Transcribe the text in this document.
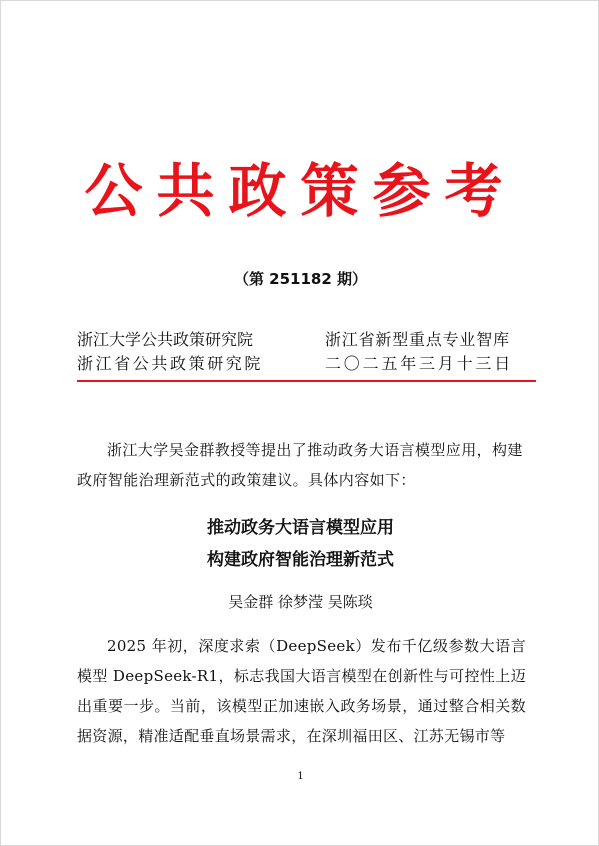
公共政策参考
（第 251182 期）
浙江大学公共政策研究院
浙江省公共政策研究院
浙江省新型重点专业智库
二〇二五年三月十三日
浙江大学吴金群教授等提出了推动政务大语言模型应用，构建政府智能治理新范式的政策建议。具体内容如下：
推动政务大语言模型应用
构建政府智能治理新范式
吴金群 徐梦滢 吴陈琰
2025 年初，深度求索（DeepSeek）发布千亿级参数大语言模型 DeepSeek-R1，标志我国大语言模型在创新性与可控性上迈出重要一步。当前，该模型正加速嵌入政务场景，通过整合相关数据资源，精准适配垂直场景需求，在深圳福田区、江苏无锡市等
1
